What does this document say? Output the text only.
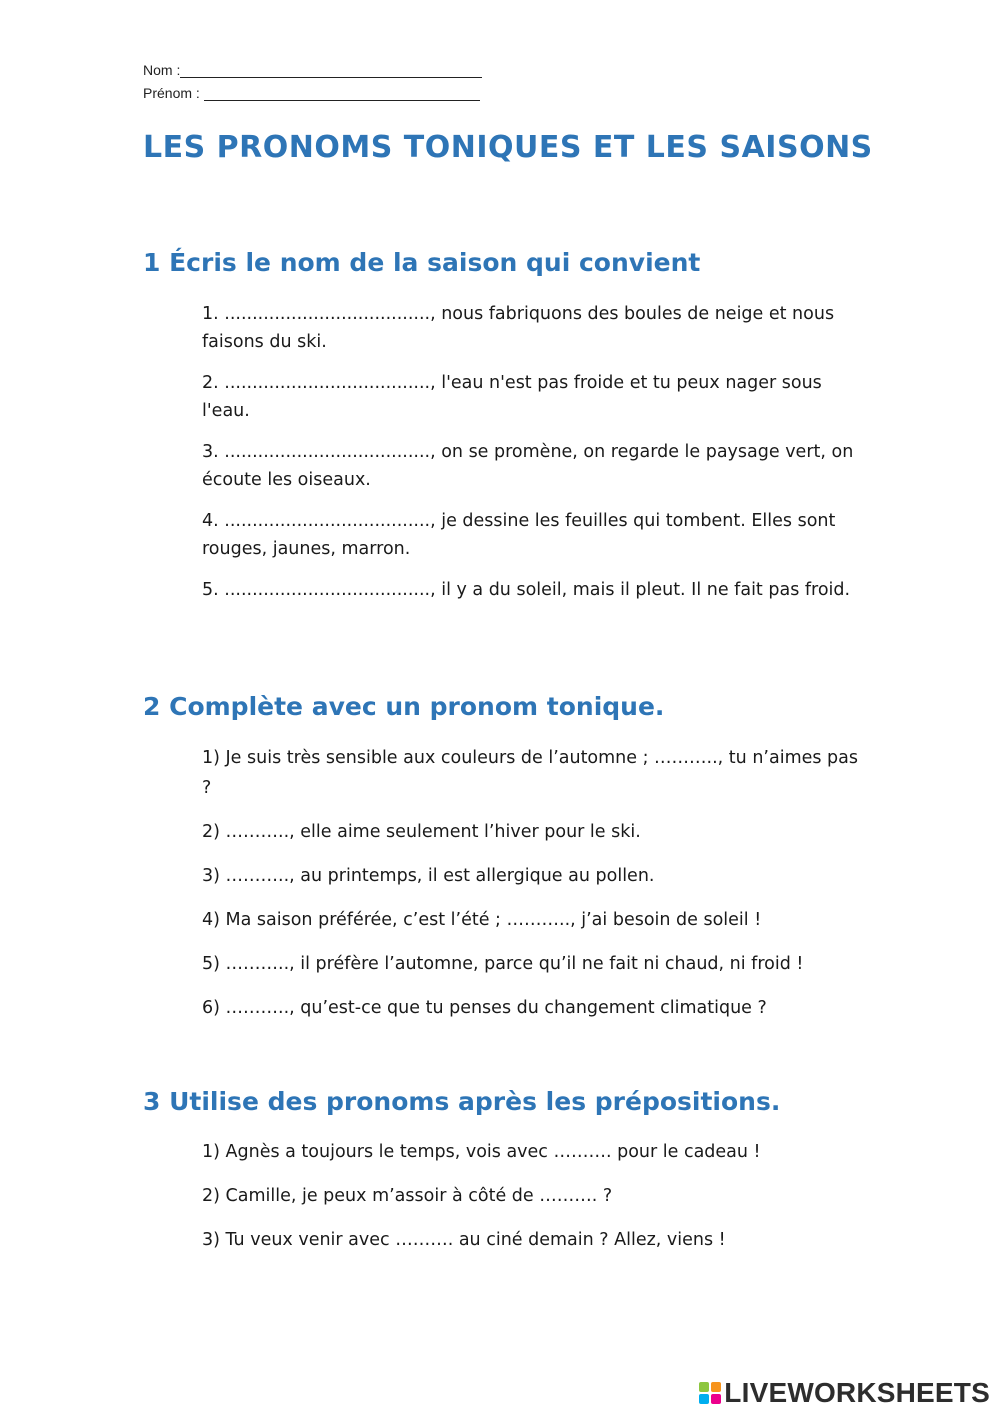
Nom :
Prénom :
LES PRONOMS TONIQUES ET LES SAISONS
1 Écris le nom de la saison qui convient
1. ....................................., nous fabriquons des boules de neige et nous faisons du ski.
2. ....................................., l'eau n'est pas froide et tu peux nager sous l'eau.
3. ....................................., on se promène, on regarde le paysage vert, on écoute les oiseaux.
4. ....................................., je dessine les feuilles qui tombent. Elles sont rouges, jaunes, marron.
5. ....................................., il y a du soleil, mais il pleut. Il ne fait pas froid.
2 Complète avec un pronom tonique.
1) Je suis très sensible aux couleurs de l’automne ; ……….., tu n’aimes pas ?
2) ……….., elle aime seulement l’hiver pour le ski.
3) ……….., au printemps, il est allergique au pollen.
4) Ma saison préférée, c’est l’été ; ……….., j’ai besoin de soleil !
5) ……….., il préfère l’automne, parce qu’il ne fait ni chaud, ni froid !
6) ……….., qu’est-ce que tu penses du changement climatique ?
3 Utilise des pronoms après les prépositions.
1) Agnès a toujours le temps, vois avec ………. pour le cadeau !
2) Camille, je peux m’assoir à côté de ………. ?
3) Tu veux venir avec ………. au ciné demain ? Allez, viens !
LIVEWORKSHEETS
